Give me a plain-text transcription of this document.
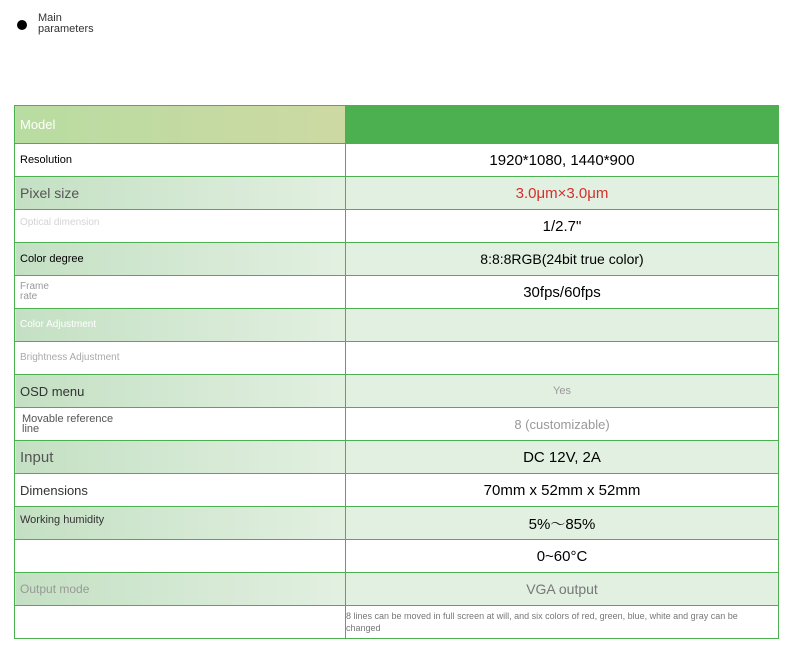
Main parameters
Model	

Resolution	1920*1080, 1440*900

Pixel size	3.0μm×3.0μm

Optical dimension	1/2.7"

Color degree	8:8:8RGB(24bit true color)

Frame rate	30fps/60fps

Color Adjustment	

Brightness Adjustment	

OSD menu	Yes

Movable reference line	8 (customizable)

Input	DC 12V, 2A

Dimensions	70mm x 52mm x 52mm

Working humidity	5%～85%

	0~60°C

Output mode	VGA output

	8 lines can be moved in full screen at will, and six colors of red, green, blue, white and gray can be changed
